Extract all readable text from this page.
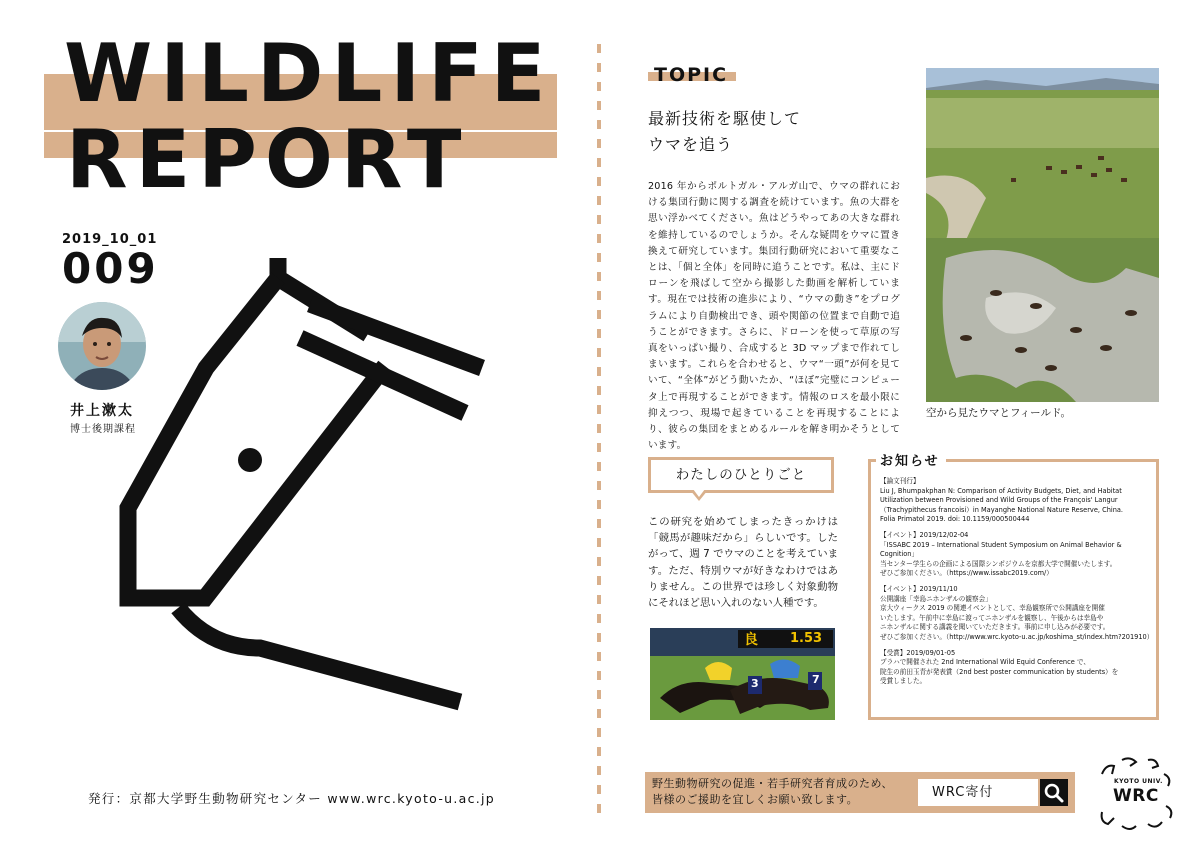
WILDLIFE
REPORT
2019_10_01
009
井上漱太
博士後期課程
発行：京都大学野生動物研究センター www.wrc.kyoto-u.ac.jp
TOPIC
最新技術を駆使して
ウマを追う
2016 年からポルトガル・アルガ山で、ウマの群れにおける集団行動に関する調査を続けています。魚の大群を思い浮かべてください。魚はどうやってあの大きな群れを維持しているのでしょうか。そんな疑問をウマに置き換えて研究しています。集団行動研究において重要なことは、「個と全体」を同時に追うことです。私は、主にドローンを飛ばして空から撮影した動画を解析しています。現在では技術の進歩により、“ウマの動き”をプログラムにより自動検出でき、頭や関節の位置まで自動で追うことができます。さらに、ドローンを使って草原の写真をいっぱい撮り、合成すると 3D マップまで作れてしまいます。これらを合わせると、ウマ“一頭”が何を見ていて、“全体”がどう動いたか、“ほぼ”完璧にコンピュータ上で再現することができます。情報のロスを最小限に抑えつつ、現場で起きていることを再現することにより、彼らの集団をまとめるルールを解き明かそうとしています。
空から見たウマとフィールド。
わたしのひとりごと
この研究を始めてしまったきっかけは「競馬が趣味だから」らしいです。したがって、週 7 でウマのことを考えています。ただ、特別ウマが好きなわけではありません。この世界では珍しく対象動物にそれほど思い入れのない人種です。
良 1.53
3	7
お知らせ
【論文刊行】
Liu J, Bhumpakphan N: Comparison of Activity Budgets, Diet, and Habitat
Utilization between Provisioned and Wild Groups of the François' Langur
（Trachypithecus francoisi）in Mayanghe National Nature Reserve, China.
Folia Primatol 2019. doi: 10.1159/000500444
【イベント】2019/12/02-04
「ISSABC 2019 – International Student Symposium on Animal Behavior & Cognition」
当センター学生らの企画による国際シンポジウムを京都大学で開催いたします。
ぜひご参加ください。（https://www.issabc2019.com/）
【イベント】2019/11/10
公開講座「幸島ニホンザルの観察会」
京大ウィークス 2019 の関連イベントとして、幸島観察所で公開講座を開催
いたします。午前中に幸島に渡ってニホンザルを観察し、午後からは幸島や
ニホンザルに関する講義を聞いていただきます。事前に申し込みが必要です。
ぜひご参加ください。（http://www.wrc.kyoto-u.ac.jp/koshima_st/index.htm?201910）
【受賞】2019/09/01-05
プラハで開催された 2nd International Wild Equid Conference で、
院生の前田玉青が発表賞（2nd best poster communication by students）を
受賞しました。
野生動物研究の促進・若手研究者育成のため、
皆様のご援助を宜しくお願い致します。	WRC寄付
KYOTO UNIV.
WRC
